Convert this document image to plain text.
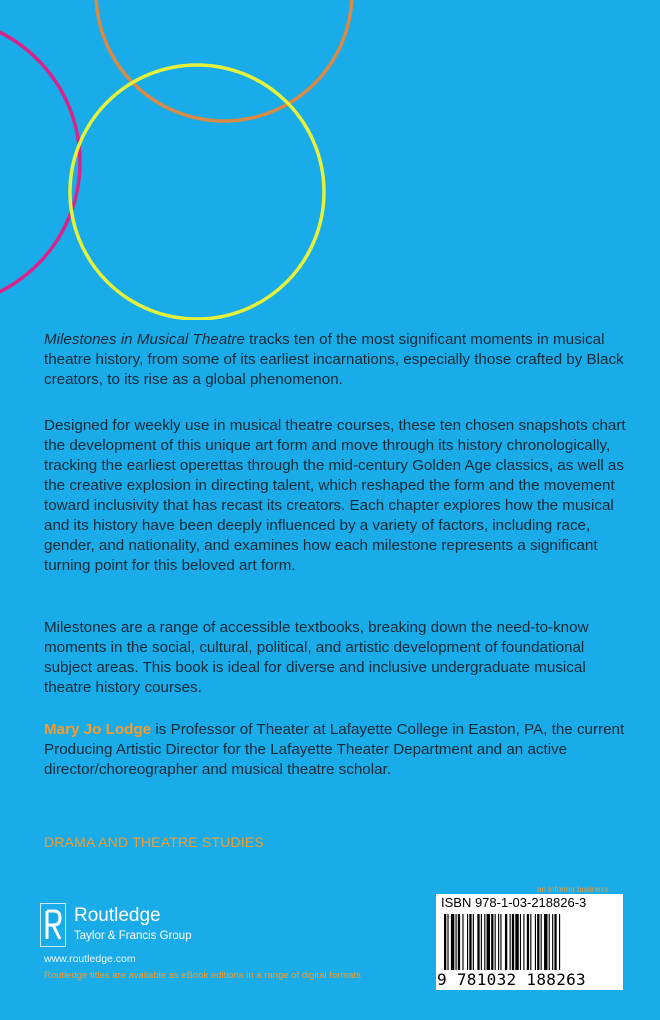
Milestones in Musical Theatre tracks ten of the most significant moments in musical theatre history, from some of its earliest incarnations, especially those crafted by Black creators, to its rise as a global phenomenon.

Designed for weekly use in musical theatre courses, these ten chosen snapshots chart the development of this unique art form and move through its history chronologically, tracking the earliest operettas through the mid-century Golden Age classics, as well as the creative explosion in directing talent, which reshaped the form and the movement toward inclusivity that has recast its creators. Each chapter explores how the musical and its history have been deeply influenced by a variety of factors, including race, gender, and nationality, and examines how each milestone represents a significant turning point for this beloved art form.

Milestones are a range of accessible textbooks, breaking down the need-to-know moments in the social, cultural, political, and artistic development of foundational subject areas. This book is ideal for diverse and inclusive undergraduate musical theatre history courses.

Mary Jo Lodge is Professor of Theater at Lafayette College in Easton, PA, the current Producing Artistic Director for the Lafayette Theater Department and an active director/choreographer and musical theatre scholar.

DRAMA AND THEATRE STUDIES
Routledge
Taylor & Francis Group
www.routledge.com
Routledge titles are available as eBook editions in a range of digital formats
an informa business
ISBN 978-1-03-218826-3
9 781032 188263
